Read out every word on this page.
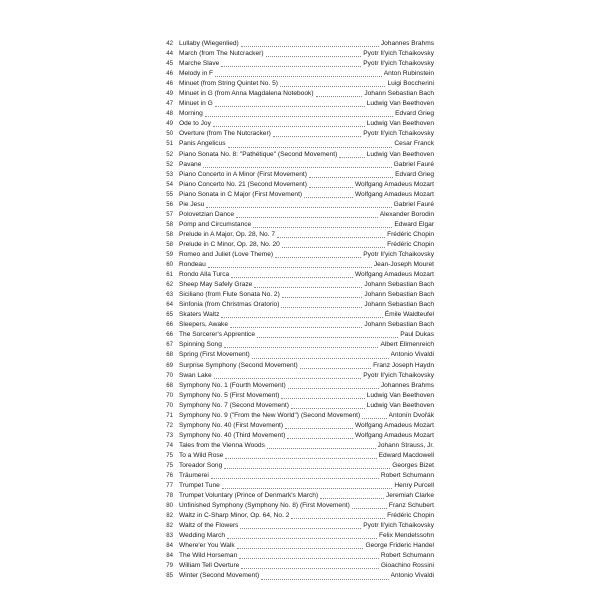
42 Lullaby (Wiegenlied)	Johannes Brahms
44 March (from The Nutcracker)	Pyotr Il'yich Tchaikovsky
45 Marche Slave	Pyotr Il'yich Tchaikovsky
46 Melody in F	Anton Rubinstein
46 Minuet (from String Quintet No. 5)	Luigi Boccherini
49 Minuet in G (from Anna Magdalena Notebook)	Johann Sebastian Bach
47 Minuet in G	Ludwig Van Beethoven
48 Morning	Edvard Grieg
49 Ode to Joy	Ludwig Van Beethoven
50 Overture (from The Nutcracker)	Pyotr Il'yich Tchaikovsky
51 Panis Angelicus	Cesar Franck
52 Piano Sonata No. 8: "Pathétique" (Second Movement)	Ludwig Van Beethoven
52 Pavane	Gabriel Fauré
53 Piano Concerto in A Minor (First Movement)	Edvard Grieg
54 Piano Concerto No. 21 (Second Movement)	Wolfgang Amadeus Mozart
55 Piano Sonata in C Major (First Movement)	Wolfgang Amadeus Mozart
56 Pie Jesu	Gabriel Fauré
57 Polovetzian Dance	Alexander Borodin
58 Pomp and Circumstance	Edward Elgar
58 Prelude in A Major, Op. 28, No. 7	Frédéric Chopin
58 Prelude in C Minor, Op. 28, No. 20	Frédéric Chopin
59 Romeo and Juliet (Love Theme)	Pyotr Il'yich Tchaikovsky
60 Rondeau	Jean-Joseph Mouret
61 Rondo Alla Turca	Wolfgang Amadeus Mozart
62 Sheep May Safely Graze	Johann Sebastian Bach
63 Siciliano (from Flute Sonata No. 2)	Johann Sebastian Bach
64 Sinfonia (from Christmas Oratorio)	Johann Sebastian Bach
65 Skaters Waltz	Émile Waldteufel
66 Sleepers, Awake	Johann Sebastian Bach
66 The Sorcerer's Apprentice	Paul Dukas
67 Spinning Song	Albert Ellmenreich
68 Spring (First Movement)	Antonio Vivaldi
69 Surprise Symphony (Second Movement)	Franz Joseph Haydn
70 Swan Lake	Pyotr Il'yich Tchaikovsky
68 Symphony No. 1 (Fourth Movement)	Johannes Brahms
70 Symphony No. 5 (First Movement)	Ludwig Van Beethoven
70 Symphony No. 7 (Second Movement)	Ludwig Van Beethoven
71 Symphony No. 9 ("From the New World") (Second Movement)	Antonín Dvořák
72 Symphony No. 40 (First Movement)	Wolfgang Amadeus Mozart
73 Symphony No. 40 (Third Movement)	Wolfgang Amadeus Mozart
74 Tales from the Vienna Woods	Johann Strauss, Jr.
75 To a Wild Rose	Edward Macdowell
75 Toreador Song	Georges Bizet
76 Träumerei	Robert Schumann
77 Trumpet Tune	Henry Purcell
78 Trumpet Voluntary (Prince of Denmark's March)	Jeremiah Clarke
80 Unfinished Symphony (Symphony No. 8) (First Movement)	Franz Schubert
82 Waltz in C-Sharp Minor, Op. 64, No. 2	Frédéric Chopin
82 Waltz of the Flowers	Pyotr Il'yich Tchaikovsky
83 Wedding March	Felix Mendelssohn
84 Where'er You Walk	George Frideric Handel
84 The Wild Horseman	Robert Schumann
79 William Tell Overture	Gioachino Rossini
85 Winter (Second Movement)	Antonio Vivaldi
